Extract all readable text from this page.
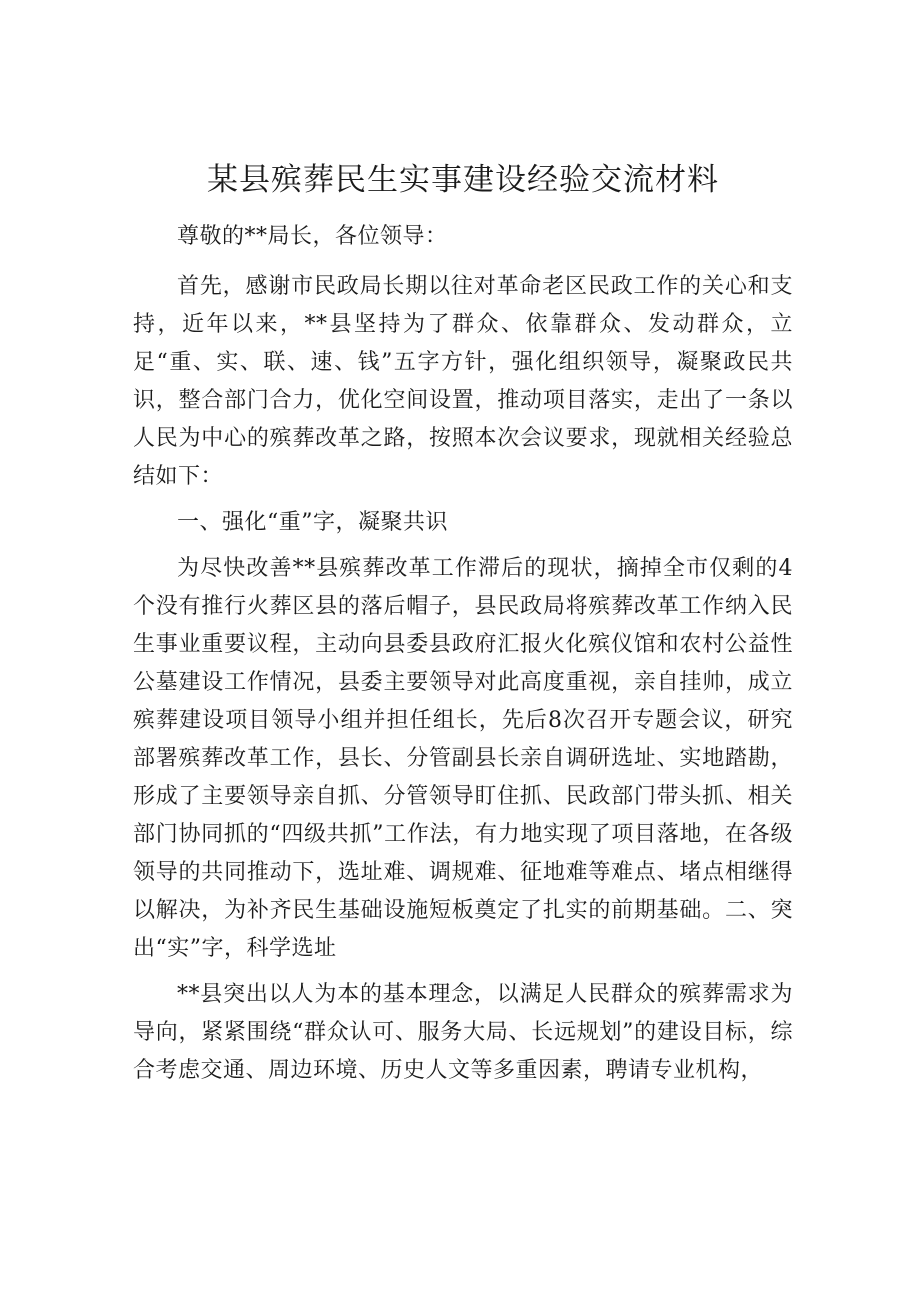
某县殡葬民生实事建设经验交流材料

尊敬的**局长，各位领导：

首先，感谢市民政局长期以往对革命老区民政工作的关心和支持，近年以来，**县坚持为了群众、依靠群众、发动群众，立足“重、实、联、速、钱”五字方针，强化组织领导，凝聚政民共识，整合部门合力，优化空间设置，推动项目落实，走出了一条以人民为中心的殡葬改革之路，按照本次会议要求，现就相关经验总结如下：

一、强化“重”字，凝聚共识

为尽快改善**县殡葬改革工作滞后的现状，摘掉全市仅剩的4个没有推行火葬区县的落后帽子，县民政局将殡葬改革工作纳入民生事业重要议程，主动向县委县政府汇报火化殡仪馆和农村公益性公墓建设工作情况，县委主要领导对此高度重视，亲自挂帅，成立殡葬建设项目领导小组并担任组长，先后8次召开专题会议，研究部署殡葬改革工作，县长、分管副县长亲自调研选址、实地踏勘，形成了主要领导亲自抓、分管领导盯住抓、民政部门带头抓、相关部门协同抓的“四级共抓”工作法，有力地实现了项目落地，在各级领导的共同推动下，选址难、调规难、征地难等难点、堵点相继得以解决，为补齐民生基础设施短板奠定了扎实的前期基础。二、突出“实”字，科学选址

**县突出以人为本的基本理念，以满足人民群众的殡葬需求为导向，紧紧围绕“群众认可、服务大局、长远规划”的建设目标，综合考虑交通、周边环境、历史人文等多重因素，聘请专业机构，
